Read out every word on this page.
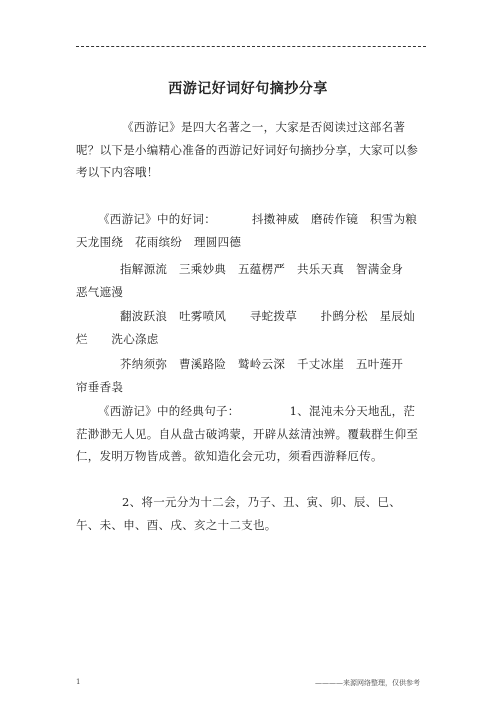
西游记好词好句摘抄分享
《西游记》是四大名著之一，大家是否阅读过这部名著呢？以下是小编精心准备的西游记好词好句摘抄分享，大家可以参考以下内容哦！
《西游记》中的好词：	抖擞神威　磨砖作镜　积雪为粮　天龙围绕　花雨缤纷　理圆四德
指解源流　三乘妙典　五蕴楞严　共乐天真　智满金身　恶气遮漫
翻波跃浪　吐雾喷风　　寻蛇拨草　　扑鹧分松　星辰灿烂　　洗心涤虑
芥纳须弥　曹溪路险　鹫岭云深　千丈冰崖　五叶莲开　帘垂香袅
《西游记》中的经典句子：	1、混沌未分天地乱，茫茫渺渺无人见。自从盘古破鸿蒙，开辟从兹清浊辨。覆载群生仰至仁，发明万物皆成善。欲知造化会元功，须看西游释厄传。
2、将一元分为十二会，乃子、丑、寅、卯、辰、巳、午、未、申、酉、戌、亥之十二支也。
1	————来源网络整理，仅供参考
